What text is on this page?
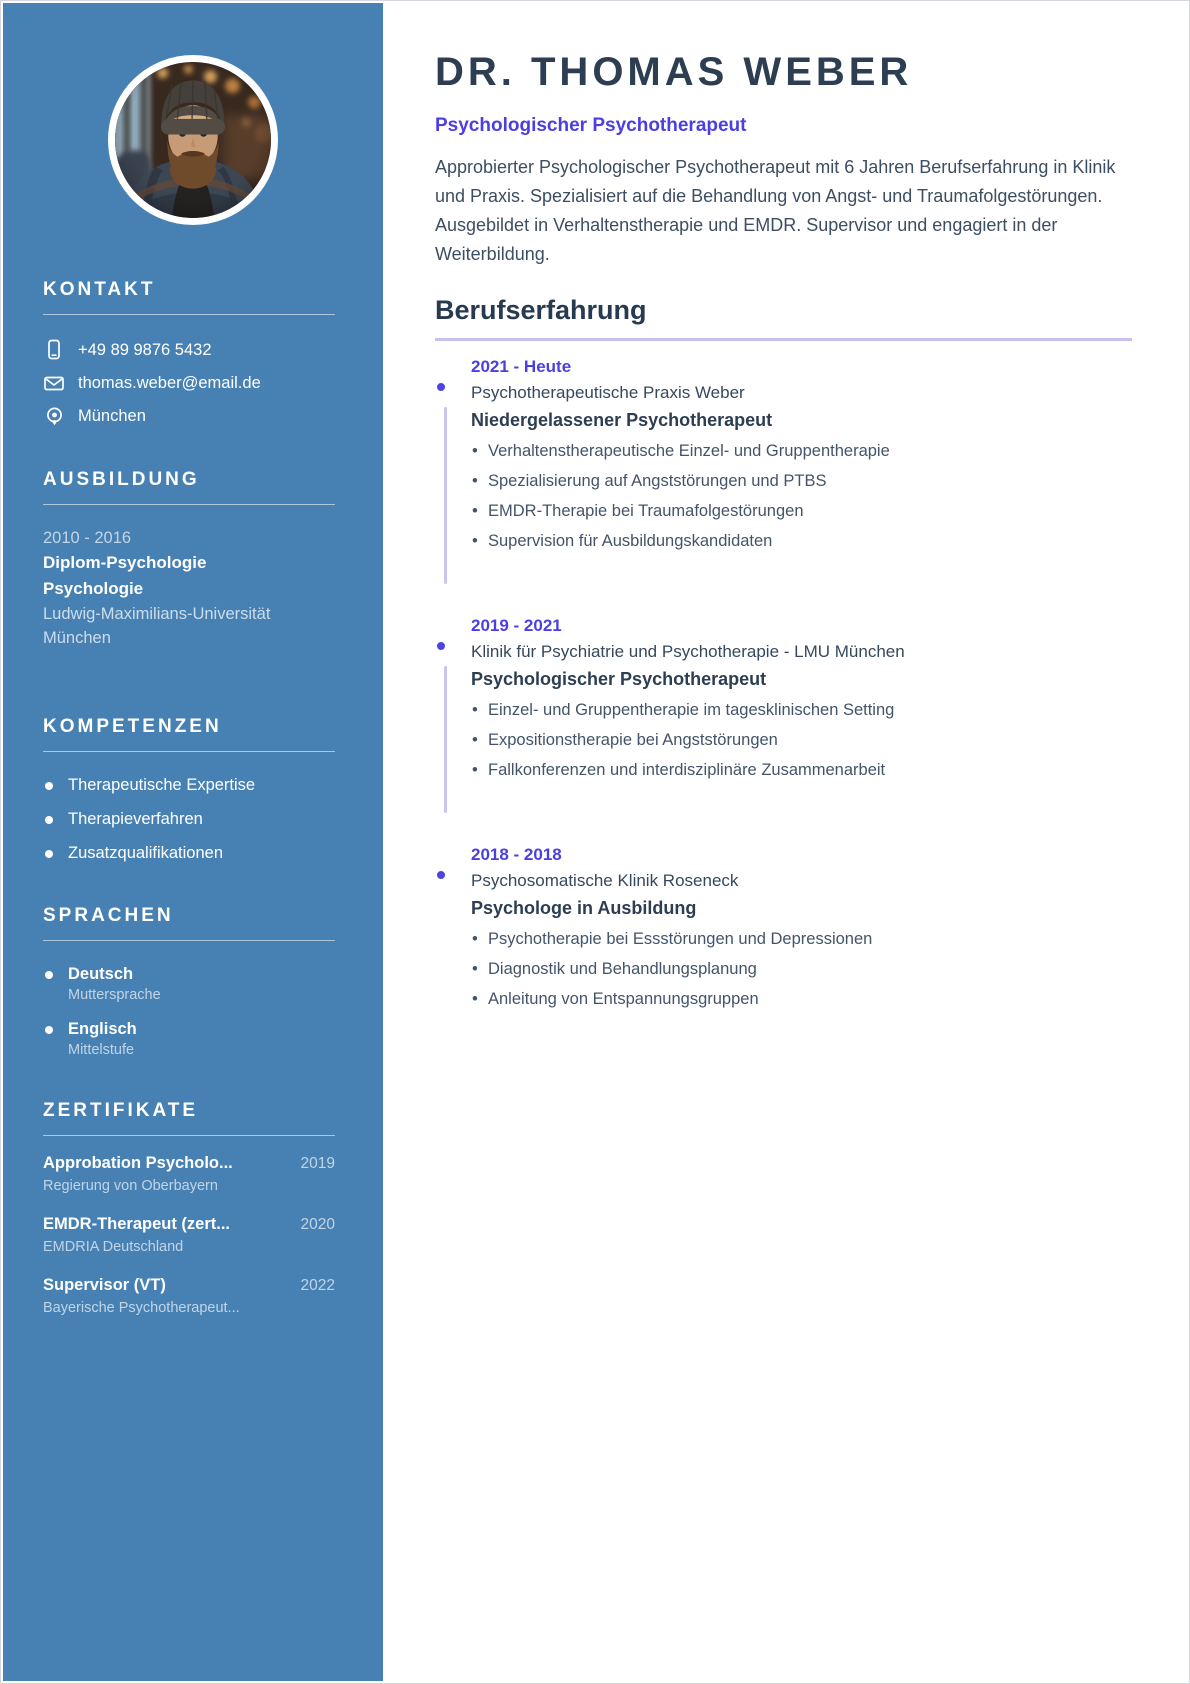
KONTAKT
+49 89 9876 5432
thomas.weber@email.de
München
AUSBILDUNG
2010 - 2016
Diplom-Psychologie
Psychologie
Ludwig-Maximilians-Universität München
KOMPETENZEN
Therapeutische Expertise
Therapieverfahren
Zusatzqualifikationen
SPRACHEN
Deutsch
Muttersprache
Englisch
Mittelstufe
ZERTIFIKATE
Approbation Psycholo...	2019
Regierung von Oberbayern
EMDR-Therapeut (zert...	2020
EMDRIA Deutschland
Supervisor (VT)	2022
Bayerische Psychotherapeut...
DR. THOMAS WEBER
Psychologischer Psychotherapeut

Approbierter Psychologischer Psychotherapeut mit 6 Jahren Berufserfahrung in Klinik und Praxis. Spezialisiert auf die Behandlung von Angst- und Traumafolgestörungen. Ausgebildet in Verhaltenstherapie und EMDR. Supervisor und engagiert in der Weiterbildung.

Berufserfahrung
2021 - Heute
Psychotherapeutische Praxis Weber
Niedergelassener Psychotherapeut
• Verhaltenstherapeutische Einzel- und Gruppentherapie
• Spezialisierung auf Angststörungen und PTBS
• EMDR-Therapie bei Traumafolgestörungen
• Supervision für Ausbildungskandidaten
2019 - 2021
Klinik für Psychiatrie und Psychotherapie - LMU München
Psychologischer Psychotherapeut
• Einzel- und Gruppentherapie im tagesklinischen Setting
• Expositionstherapie bei Angststörungen
• Fallkonferenzen und interdisziplinäre Zusammenarbeit
2018 - 2018
Psychosomatische Klinik Roseneck
Psychologe in Ausbildung
• Psychotherapie bei Essstörungen und Depressionen
• Diagnostik und Behandlungsplanung
• Anleitung von Entspannungsgruppen
